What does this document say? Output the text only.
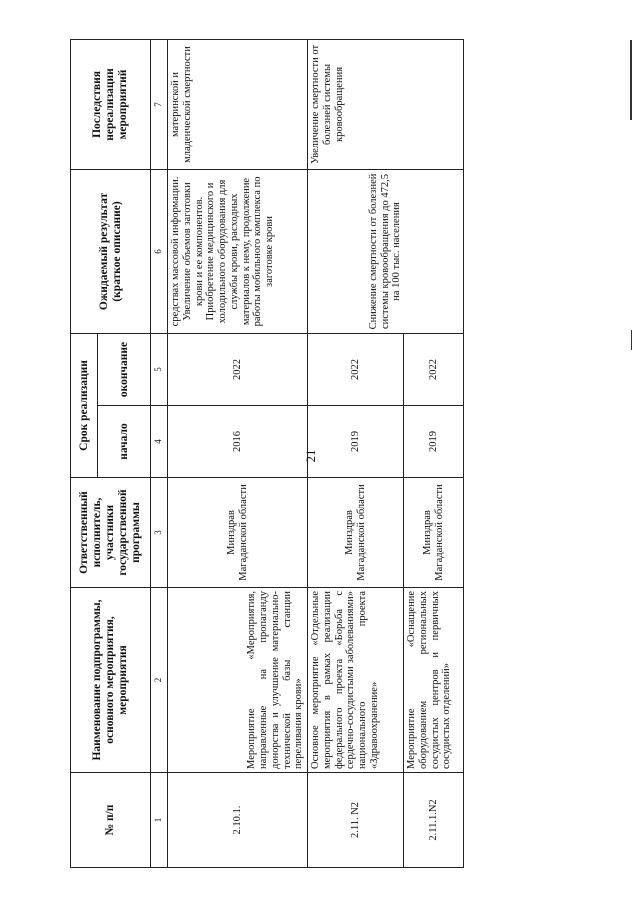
21
№ п/п	Наименование подпрограммы, основного мероприятия, мероприятия	Ответственный исполнитель, участники государственной программы	Срок реализации		Ожидаемый результат (краткое описание)	Последствия нереализации мероприятий
			начало	окончание		
1	2	3	4	5	6	7
2.10.1.	Мероприятие «Мероприятия, направленные на пропаганду донорства и улучшение материально-технической базы станции переливания крови»	Минздрав Магаданской области	2016	2022	средствах массовой информации. Увеличение объемов заготовки крови и ее компонентов. Приобретение медицинского и холодильного оборудования для службы крови, расходных материалов к нему, продолжение работы мобильного комплекса по заготовке крови	материнской и младенческой смертности
2.11. N2	Основное мероприятие «Отдельные мероприятия в рамках реализации федерального проекта «Борьба с сердечно-сосудистыми заболеваниями» национального проекта «Здравоохранение»	Минздрав Магаданской области	2019	2022	Снижение смертности от болезней системы кровообращения до 472,5 на 100 тыс. населения	Увеличение смертности от болезней системы кровообращения
2.11.1.N2	Мероприятие «Оснащение оборудованием региональных сосудистых центров и первичных сосудистых отделений»	Минздрав Магаданской области	2019	2022		
